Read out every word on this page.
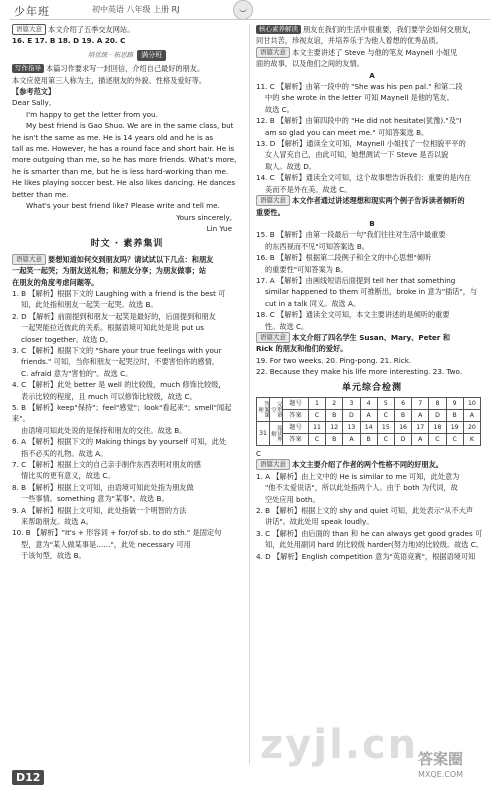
少年班	初中英语 八年级 上册 RJ

语篇大意 本文介绍了五季交友网站。

16. E 17. B 18. D 19. A 20. C

培优练 · 拓思路	满分班

写作指导 本篇习作要求写一封回信，介绍自己最好的朋友。

本文应使用第三人称为主，描述朋友的外貌、性格及爱好等。

【参考范文】

Dear Sally,

I'm happy to get the letter from you.

My best friend is Gao Shuo. We are in the same class, but

he isn't the same as me. He is 14 years old and he is as

tall as me. However, he has a round face and short hair. He is

more outgoing than me, so he has more friends. What's more,

he is smarter than me, but he is less hard-working than me.

He likes playing soccer best. He also likes dancing. He dances

better than me.

What's your best friend like? Please write and tell me.

Yours sincerely,

Lin Yue

时文 · 素养集训

语篇大意 要想知道如何交到朋友吗？请试试以下几点：和朋友

一起笑一起哭；为朋友送礼物；和朋友分享；为朋友做事；站

在朋友的角度考虑问题等。

1. B 【解析】根据下文的 Laughing with a friend is the best 可

知，此处指和朋友一起笑一起哭。故选 B。

2. D 【解析】前面提到和朋友一起笑是最好的，后面提到和朋友

一起哭能拉近彼此的关系。根据语境可知此处是说 put us

closer together。故选 D。

3. C 【解析】根据下文的 "Share your true feelings with your

friends." 可知，当你和朋友一起哭泣时，不要害怕你的感情，

C. afraid 意为"害怕的"。故选 C。

4. C 【解析】此处 better 是 well 的比较级，much 修饰比较级，

表示比较的程度，且 much 可以修饰比较级，故选 C。

5. B 【解析】keep"保持"；feel"感觉"；look"看起来"；smell"闻起来"。

由语境可知此处说的是保持和朋友的交往。故选 B。

6. A 【解析】根据下文的 Making things by yourself 可知，此处

指不必买的礼物。故选 A。

7. C 【解析】根据上文的自己亲手制作东西表明对朋友的感

情比买的更有意义，故选 C。

8. B 【解析】根据上文可知，由语境可知此处指为朋友做

一些事情。something 意为"某事"。故选 B。

9. A 【解析】根据上文可知，此处指做一个明智的方法

来帮助朋友。故选 A。

10. B 【解析】"It's + 形容词 + for/of sb. to do sth." 是固定句

型，意为"某人做某事是……"，此处 necessary 可用

于该句型，故选 B。

核心素养解读 朋友在我们的生活中很重要，我们要学会如何交朋友，

同甘共苦，珍视友谊，并培养乐于为他人着想的优秀品质。

语篇大意 本文主要讲述了 Steve 与他的笔友 Maynell 小姐见

面的故事，以及他们之间的友情。

A

11. C 【解析】由第一段中的 "She was his pen pal." 和第二段

中的 she wrote in the letter 可知 Maynell 是他的笔友。

故选 C。

12. B 【解析】由第四段中的 "He did not hesitate(犹豫)."及"I

am so glad you can meet me." 可知答案选 B。

13. D 【解析】通读全文可知，Maynell 小姐找了一位相貌平平的

女人冒充自己，由此可知，她想测试一下 Steve 是否以貌

取人。故选 D。

14. C 【解析】通读全文可知，这个故事想告诉我们：重要的是内在

美而不是外在美。故选 C。

语篇大意 本文作者通过讲述理想和现实两个例子告诉读者倾听的

重要性。

B

15. B 【解析】由第一段最后一句"我们往往对生活中最重要

的东西视而不见"可知答案选 B。

16. B 【解析】根据第二段例子和全文的中心思想"倾听

的重要性"可知答案为 B。

17. A 【解析】由画线短语后面提到 tell her that something

similar happened to them 可推断出，broke in 意为"插话"，与

cut in a talk 同义。故选 A。

18. C 【解析】通读全文可知，本文主要讲述的是倾听的重要

性。故选 C。

语篇大意 本文介绍了四名学生 Susan、Mary、Peter 和

Rick 的朋友和他们的爱好。

19. For two weeks. 20. Ping-pong. 21. Rick.

22. Because they make his life more interesting. 23. Two.

单元综合检测

答案课理	完形填空	题号	1	2	3	4	5	6	7	8	9	10
		答案	C	B	D	A	C	B	A	D	B	A
31	阅读理解	题号	11	12	13	14	15	16	17	18	19	20
		答案	C	B	A	B	C	D	A	C	C	K

C

语篇大意 本文主要介绍了作者的两个性格不同的好朋友。

1. A 【解析】由上文中的 He is similar to me 可知，此处意为

"他不太爱说话"，所以此处指两个人。由于 both 为代词，故

空处应用 both。

2. B 【解析】根据上文的 shy and quiet 可知，此处表示"从不大声

讲话"。故此处用 speak loudly。

3. C 【解析】由后面的 than 和 he can always get good grades 可

知，此处用副词 hard 的比较级 harder(努力地)的比较级。故选 C。

4. D 【解析】English competition 意为"英语竞赛"，根据语境可知

D12
zyjl.cn 答案圈
MXQE.COM
